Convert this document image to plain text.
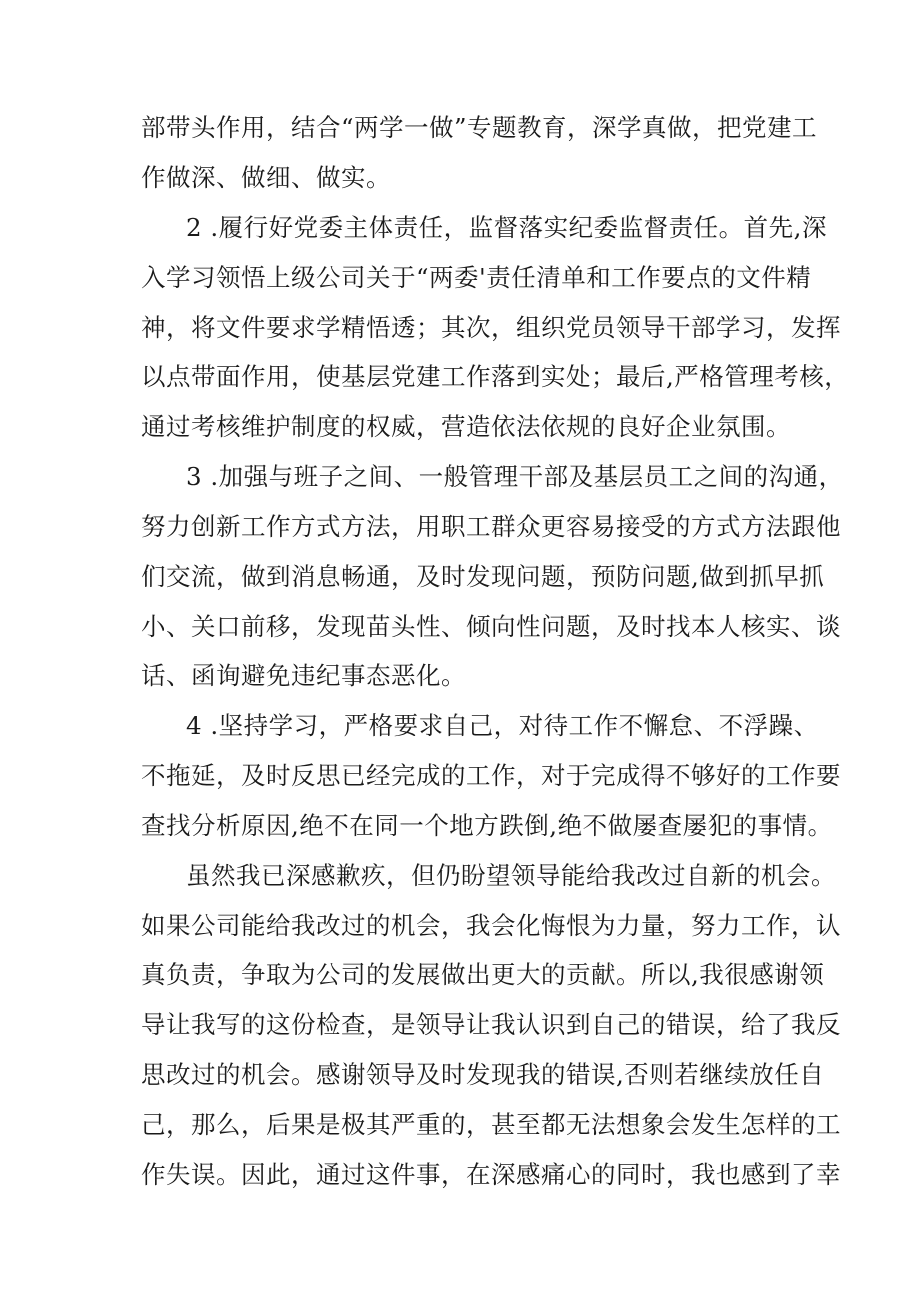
部带头作用，结合“两学一做”专题教育，深学真做，把党建工
作做深、做细、做实。
2 .履行好党委主体责任，监督落实纪委监督责任。首先,深
入学习领悟上级公司关于“两委'责任清单和工作要点的文件精
神，将文件要求学精悟透；其次，组织党员领导干部学习，发挥
以点带面作用，使基层党建工作落到实处；最后,严格管理考核，
通过考核维护制度的权威，营造依法依规的良好企业氛围。
3 .加强与班子之间、一般管理干部及基层员工之间的沟通，
努力创新工作方式方法，用职工群众更容易接受的方式方法跟他
们交流，做到消息畅通，及时发现问题，预防问题,做到抓早抓
小、关口前移，发现苗头性、倾向性问题，及时找本人核实、谈
话、函询避免违纪事态恶化。
4 .坚持学习，严格要求自己，对待工作不懈怠、不浮躁、
不拖延，及时反思已经完成的工作，对于完成得不够好的工作要
查找分析原因,绝不在同一个地方跌倒,绝不做屡查屡犯的事情。
虽然我已深感歉疚，但仍盼望领导能给我改过自新的机会。
如果公司能给我改过的机会，我会化悔恨为力量，努力工作，认
真负责，争取为公司的发展做出更大的贡献。所以,我很感谢领
导让我写的这份检查，是领导让我认识到自己的错误，给了我反
思改过的机会。感谢领导及时发现我的错误,否则若继续放任自
己，那么，后果是极其严重的，甚至都无法想象会发生怎样的工
作失误。因此，通过这件事，在深感痛心的同时，我也感到了幸
